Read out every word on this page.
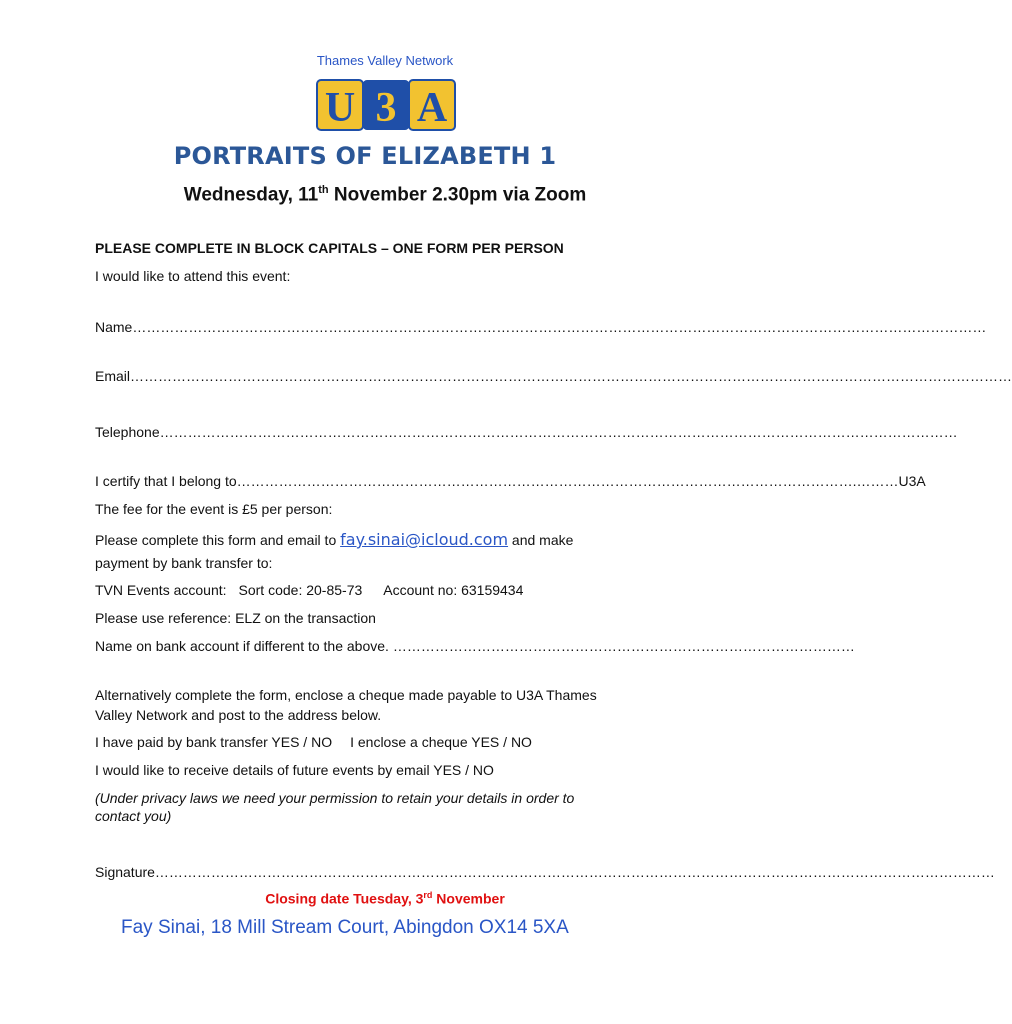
Thames Valley Network
U 3 A
PORTRAITS OF ELIZABETH 1
Wednesday, 11th November 2.30pm via Zoom
PLEASE COMPLETE IN BLOCK CAPITALS – ONE FORM PER PERSON
I would like to attend this event:
Name…………………………………………………………………………………………………………………………………………………………………
Email………………………………………………………………………………………………………………………………………………………………………
Telephone………………………………………………………………………………………………………………………………………………………
I certify that I belong to…………………………………………………………………………………………………………………….………U3A
The fee for the event is £5 per person:
Please complete this form and email to fay.sinai@icloud.com and make
payment by bank transfer to:
TVN Events account: Sort code: 20-85-73 Account no: 63159434
Please use reference: ELZ on the transaction
Name on bank account if different to the above. ………………………………………………………………………………………
Alternatively complete the form, enclose a cheque made payable to U3A Thames
Valley Network and post to the address below.
I have paid by bank transfer YES / NO I enclose a cheque YES / NO
I would like to receive details of future events by email YES / NO
(Under privacy laws we need your permission to retain your details in order to
contact you)
Signature………………………………………………………………………………………………………………………………………………………………
Closing date Tuesday, 3rd November
Fay Sinai, 18 Mill Stream Court, Abingdon OX14 5XA
